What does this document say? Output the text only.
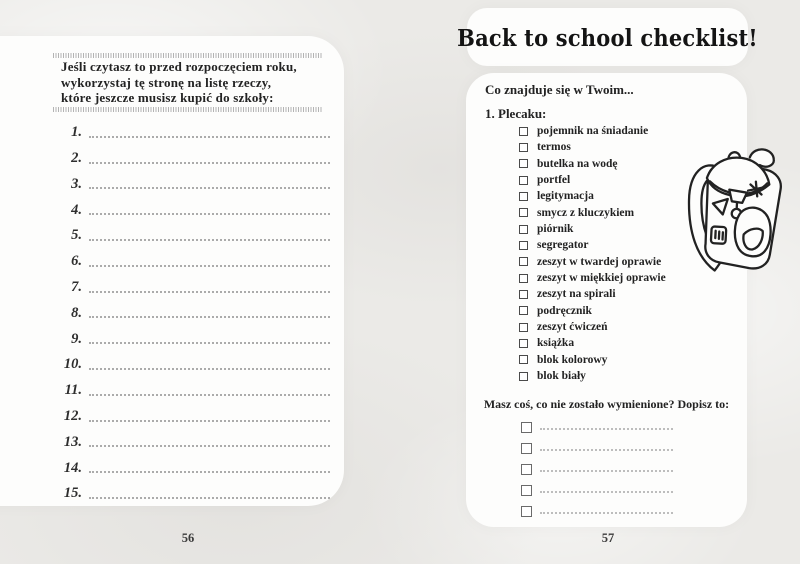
Jeśli czytasz to przed rozpoczęciem roku,
wykorzystaj tę stronę na listę rzeczy,
które jeszcze musisz kupić do szkoły:
1.
2.
3.
4.
5.
6.
7.
8.
9.
10.
11.
12.
13.
14.
15.
56
Back to school checklist!
Co znajduje się w Twoim...
1. Plecaku:
pojemnik na śniadanie
termos
butelka na wodę
portfel
legitymacja
smycz z kluczykiem
piórnik
segregator
zeszyt w twardej oprawie
zeszyt w miękkiej oprawie
zeszyt na spirali
podręcznik
zeszyt ćwiczeń
książka
blok kolorowy
blok biały
Masz coś, co nie zostało wymienione? Dopisz to:
57
